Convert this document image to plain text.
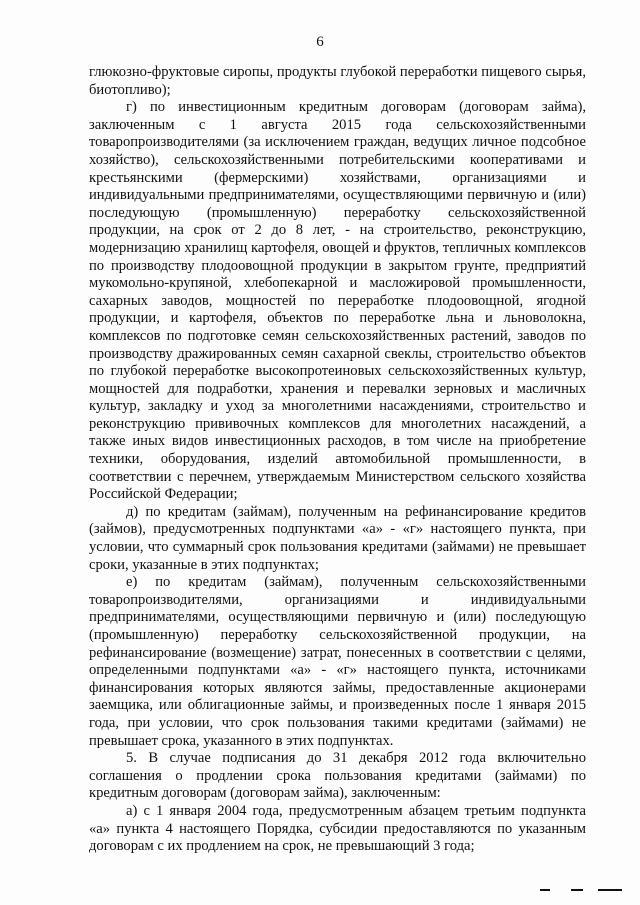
6

глюкозно-фруктовые сиропы, продукты глубокой переработки пищевого сырья, биотопливо);

г) по инвестиционным кредитным договорам (договорам займа), заключенным с 1 августа 2015 года сельскохозяйственными товаропроизводителями (за исключением граждан, ведущих личное подсобное хозяйство), сельскохозяйственными потребительскими кооперативами и крестьянскими (фермерскими) хозяйствами, организациями и индивидуальными предпринимателями, осуществляющими первичную и (или) последующую (промышленную) переработку сельскохозяйственной продукции, на срок от 2 до 8 лет, - на строительство, реконструкцию, модернизацию хранилищ картофеля, овощей и фруктов, тепличных комплексов по производству плодоовощной продукции в закрытом грунте, предприятий мукомольно-крупяной, хлебопекарной и масложировой промышленности, сахарных заводов, мощностей по переработке плодоовощной, ягодной продукции, и картофеля, объектов по переработке льна и льноволокна, комплексов по подготовке семян сельскохозяйственных растений, заводов по производству дражированных семян сахарной свеклы, строительство объектов по глубокой переработке высокопротеиновых сельскохозяйственных культур, мощностей для подработки, хранения и перевалки зерновых и масличных культур, закладку и уход за многолетними насаждениями, строительство и реконструкцию прививочных комплексов для многолетних насаждений, а также иных видов инвестиционных расходов, в том числе на приобретение техники, оборудования, изделий автомобильной промышленности, в соответствии с перечнем, утверждаемым Министерством сельского хозяйства Российской Федерации;

д) по кредитам (займам), полученным на рефинансирование кредитов (займов), предусмотренных подпунктами «а» - «г» настоящего пункта, при условии, что суммарный срок пользования кредитами (займами) не превышает сроки, указанные в этих подпунктах;

е) по кредитам (займам), полученным сельскохозяйственными товаропроизводителями, организациями и индивидуальными предпринимателями, осуществляющими первичную и (или) последующую (промышленную) переработку сельскохозяйственной продукции, на рефинансирование (возмещение) затрат, понесенных в соответствии с целями, определенными подпунктами «а» - «г» настоящего пункта, источниками финансирования которых являются займы, предоставленные акционерами заемщика, или облигационные займы, и произведенных после 1 января 2015 года, при условии, что срок пользования такими кредитами (займами) не превышает срока, указанного в этих подпунктах.

5. В случае подписания до 31 декабря 2012 года включительно соглашения о продлении срока пользования кредитами (займами) по кредитным договорам (договорам займа), заключенным:

а) с 1 января 2004 года, предусмотренным абзацем третьим подпункта «а» пункта 4 настоящего Порядка, субсидии предоставляются по указанным договорам с их продлением на срок, не превышающий 3 года;
